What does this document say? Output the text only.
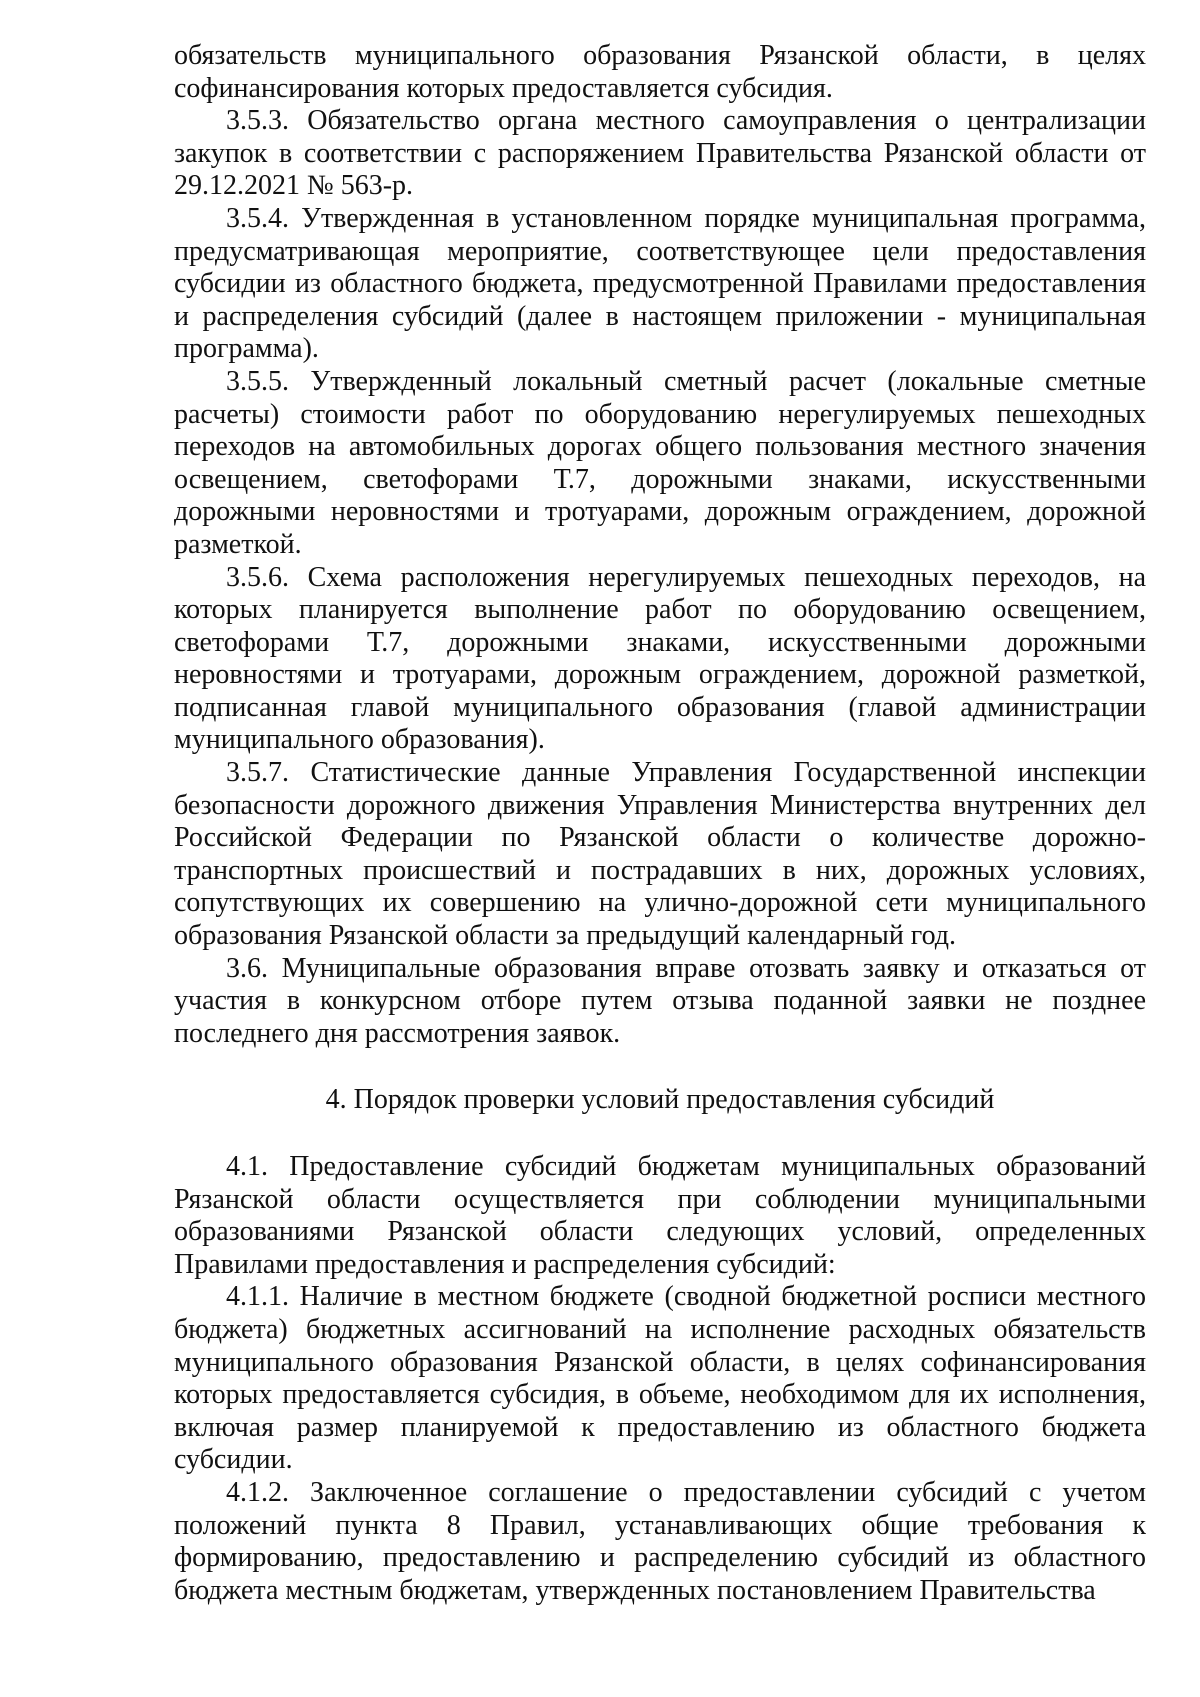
обязательств муниципального образования Рязанской области, в целях софинансирования которых предоставляется субсидия.

3.5.3. Обязательство органа местного самоуправления о централизации закупок в соответствии с распоряжением Правительства Рязанской области от 29.12.2021 № 563-р.

3.5.4. Утвержденная в установленном порядке муниципальная программа, предусматривающая мероприятие, соответствующее цели предоставления субсидии из областного бюджета, предусмотренной Правилами предоставления и распределения субсидий (далее в настоящем приложении - муниципальная программа).

3.5.5. Утвержденный локальный сметный расчет (локальные сметные расчеты) стоимости работ по оборудованию нерегулируемых пешеходных переходов на автомобильных дорогах общего пользования местного значения освещением, светофорами Т.7, дорожными знаками, искусственными дорожными неровностями и тротуарами, дорожным ограждением, дорожной разметкой.

3.5.6. Схема расположения нерегулируемых пешеходных переходов, на которых планируется выполнение работ по оборудованию освещением, светофорами Т.7, дорожными знаками, искусственными дорожными неровностями и тротуарами, дорожным ограждением, дорожной разметкой, подписанная главой муниципального образования (главой администрации муниципального образования).

3.5.7. Статистические данные Управления Государственной инспекции безопасности дорожного движения Управления Министерства внутренних дел Российской Федерации по Рязанской области о количестве дорожно-транспортных происшествий и пострадавших в них, дорожных условиях, сопутствующих их совершению на улично-дорожной сети муниципального образования Рязанской области за предыдущий календарный год.

3.6. Муниципальные образования вправе отозвать заявку и отказаться от участия в конкурсном отборе путем отзыва поданной заявки не позднее последнего дня рассмотрения заявок.

4. Порядок проверки условий предоставления субсидий

4.1. Предоставление субсидий бюджетам муниципальных образований Рязанской области осуществляется при соблюдении муниципальными образованиями Рязанской области следующих условий, определенных Правилами предоставления и распределения субсидий:

4.1.1. Наличие в местном бюджете (сводной бюджетной росписи местного бюджета) бюджетных ассигнований на исполнение расходных обязательств муниципального образования Рязанской области, в целях софинансирования которых предоставляется субсидия, в объеме, необходимом для их исполнения, включая размер планируемой к предоставлению из областного бюджета субсидии.

4.1.2. Заключенное соглашение о предоставлении субсидий с учетом положений пункта 8 Правил, устанавливающих общие требования к формированию, предоставлению и распределению субсидий из областного бюджета местным бюджетам, утвержденных постановлением Правительства
